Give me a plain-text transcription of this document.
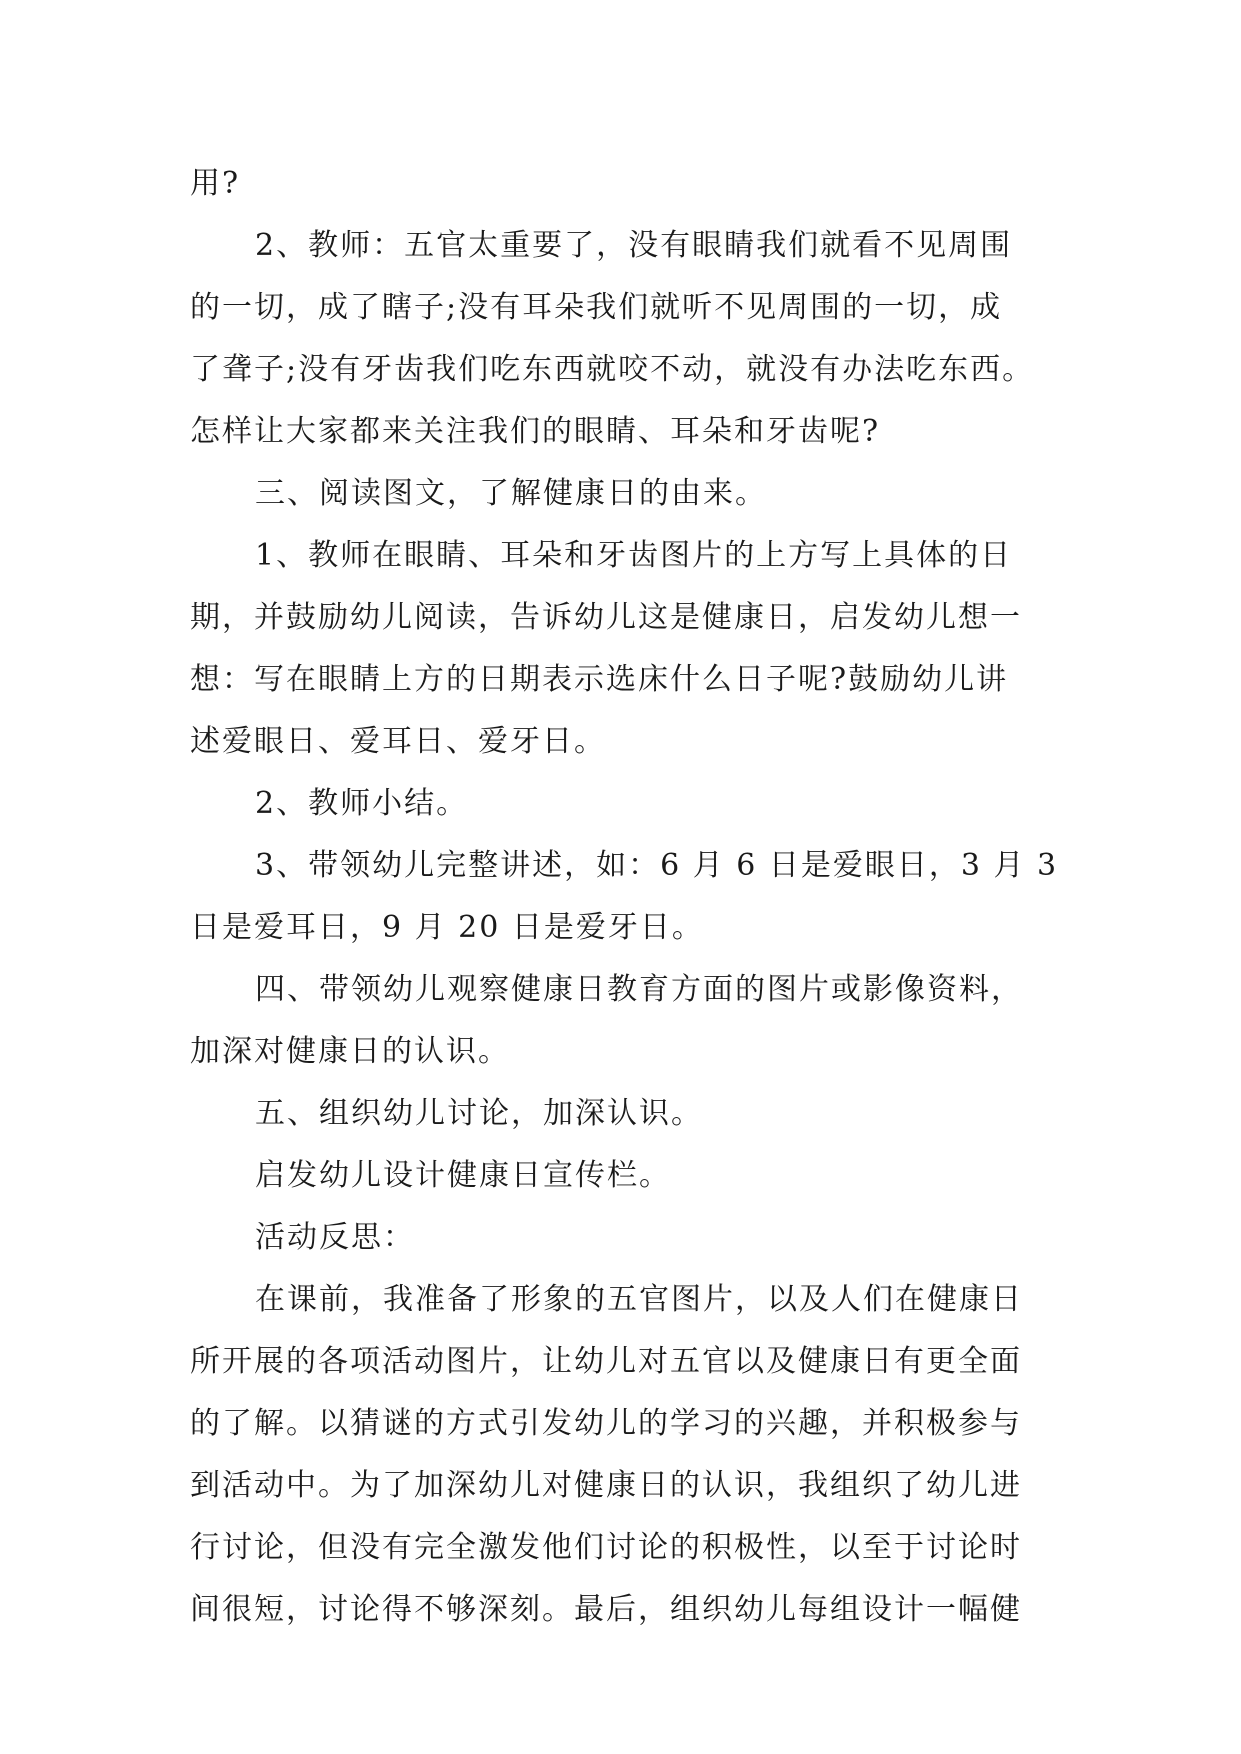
用?
2、教师：五官太重要了，没有眼睛我们就看不见周围
的一切，成了瞎子;没有耳朵我们就听不见周围的一切，成
了聋子;没有牙齿我们吃东西就咬不动，就没有办法吃东西。
怎样让大家都来关注我们的眼睛、耳朵和牙齿呢?
三、阅读图文，了解健康日的由来。
1、教师在眼睛、耳朵和牙齿图片的上方写上具体的日
期，并鼓励幼儿阅读，告诉幼儿这是健康日，启发幼儿想一
想：写在眼睛上方的日期表示选床什么日子呢?鼓励幼儿讲
述爱眼日、爱耳日、爱牙日。
2、教师小结。
3、带领幼儿完整讲述，如：6 月 6 日是爱眼日，3 月 3
日是爱耳日，9 月 20 日是爱牙日。
四、带领幼儿观察健康日教育方面的图片或影像资料，
加深对健康日的认识。
五、组织幼儿讨论，加深认识。
启发幼儿设计健康日宣传栏。
活动反思：
在课前，我准备了形象的五官图片，以及人们在健康日
所开展的各项活动图片，让幼儿对五官以及健康日有更全面
的了解。以猜谜的方式引发幼儿的学习的兴趣，并积极参与
到活动中。为了加深幼儿对健康日的认识，我组织了幼儿进
行讨论，但没有完全激发他们讨论的积极性，以至于讨论时
间很短，讨论得不够深刻。最后，组织幼儿每组设计一幅健
